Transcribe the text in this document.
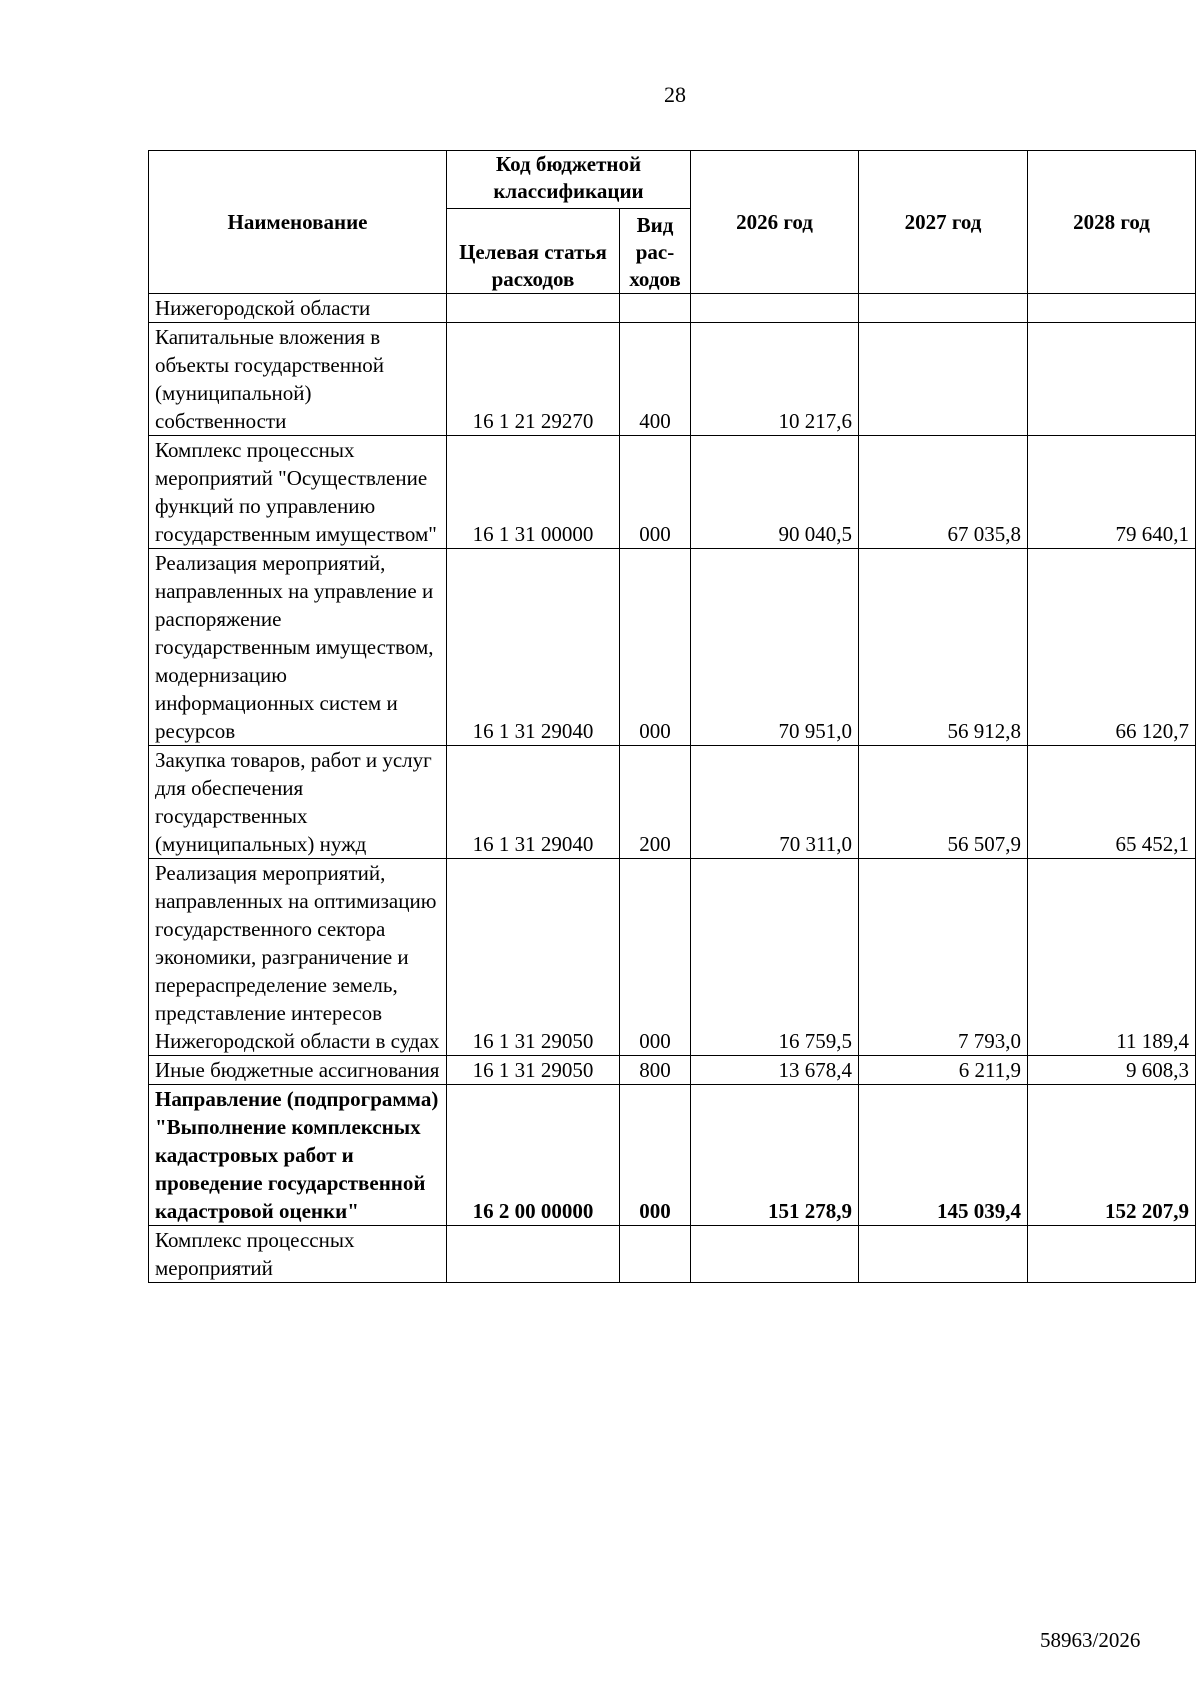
28
Наименование	Код бюджетной классификации		2026 год	2027 год	2028 год
	Целевая статья расходов	Вид рас-ходов			
Нижегородской области					
Капитальные вложения в объекты государственной (муниципальной) собственности	16 1 21 29270	400	10 217,6		
Комплекс процессных мероприятий "Осуществление функций по управлению государственным имуществом"	16 1 31 00000	000	90 040,5	67 035,8	79 640,1
Реализация мероприятий, направленных на управление и распоряжение государственным имуществом, модернизацию информационных систем и ресурсов	16 1 31 29040	000	70 951,0	56 912,8	66 120,7
Закупка товаров, работ и услуг для обеспечения государственных (муниципальных) нужд	16 1 31 29040	200	70 311,0	56 507,9	65 452,1
Реализация мероприятий, направленных на оптимизацию государственного сектора экономики, разграничение и перераспределение земель, представление интересов Нижегородской области в судах	16 1 31 29050	000	16 759,5	7 793,0	11 189,4
Иные бюджетные ассигнования	16 1 31 29050	800	13 678,4	6 211,9	9 608,3
Направление (подпрограмма) "Выполнение комплексных кадастровых работ и проведение государственной кадастровой оценки"	16 2 00 00000	000	151 278,9	145 039,4	152 207,9
Комплекс процессных мероприятий					
58963/2026
